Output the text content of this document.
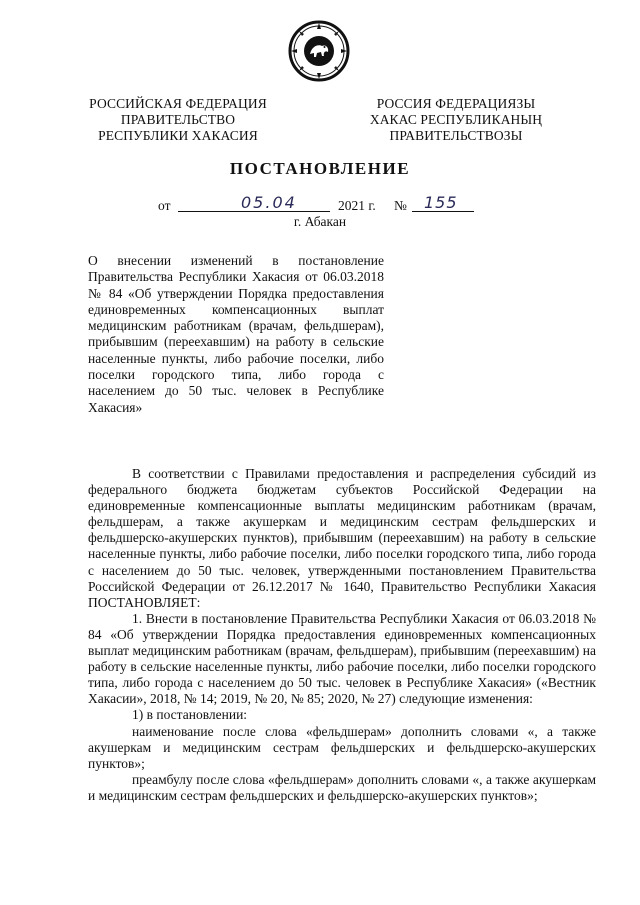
РОССИЙСКАЯ ФЕДЕРАЦИЯ
ПРАВИТЕЛЬСТВО
РЕСПУБЛИКИ ХАКАСИЯ
РОССИЯ ФЕДЕРАЦИЯЗЫ
ХАКАС РЕСПУБЛИКАНЫҢ
ПРАВИТЕЛЬСТВОЗЫ
ПОСТАНОВЛЕНИЕ
от	05.04	2021 г. № 155
г. Абакан
О внесении изменений в постановление Правительства Республики Хакасия от 06.03.2018 № 84 «Об утверждении Порядка предоставления единовременных компенсационных выплат медицинским работникам (врачам, фельдшерам), прибывшим (переехавшим) на работу в сельские населенные пункты, либо рабочие поселки, либо поселки городского типа, либо города с населением до 50 тыс. человек в Республике Хакасия»

В соответствии с Правилами предоставления и распределения субсидий из федерального бюджета бюджетам субъектов Российской Федерации на единовременные компенсационные выплаты медицинским работникам (врачам, фельдшерам, а также акушеркам и медицинским сестрам фельдшерских и фельдшерско-акушерских пунктов), прибывшим (переехавшим) на работу в сельские населенные пункты, либо рабочие поселки, либо поселки городского типа, либо города с населением до 50 тыс. человек, утвержденными постановлением Правительства Российской Федерации от 26.12.2017 № 1640, Правительство Республики Хакасия ПОСТАНОВЛЯЕТ:

1. Внести в постановление Правительства Республики Хакасия от 06.03.2018 № 84 «Об утверждении Порядка предоставления единовременных компенсационных выплат медицинским работникам (врачам, фельдшерам), прибывшим (переехавшим) на работу в сельские населенные пункты, либо рабочие поселки, либо поселки городского типа, либо города с населением до 50 тыс. человек в Республике Хакасия» («Вестник Хакасии», 2018, № 14; 2019, № 20, № 85; 2020, № 27) следующие изменения:

1) в постановлении:

наименование после слова «фельдшерам» дополнить словами «, а также акушеркам и медицинским сестрам фельдшерских и фельдшерско-акушерских пунктов»;

преамбулу после слова «фельдшерам» дополнить словами «, а также акушеркам и медицинским сестрам фельдшерских и фельдшерско-акушерских пунктов»;
